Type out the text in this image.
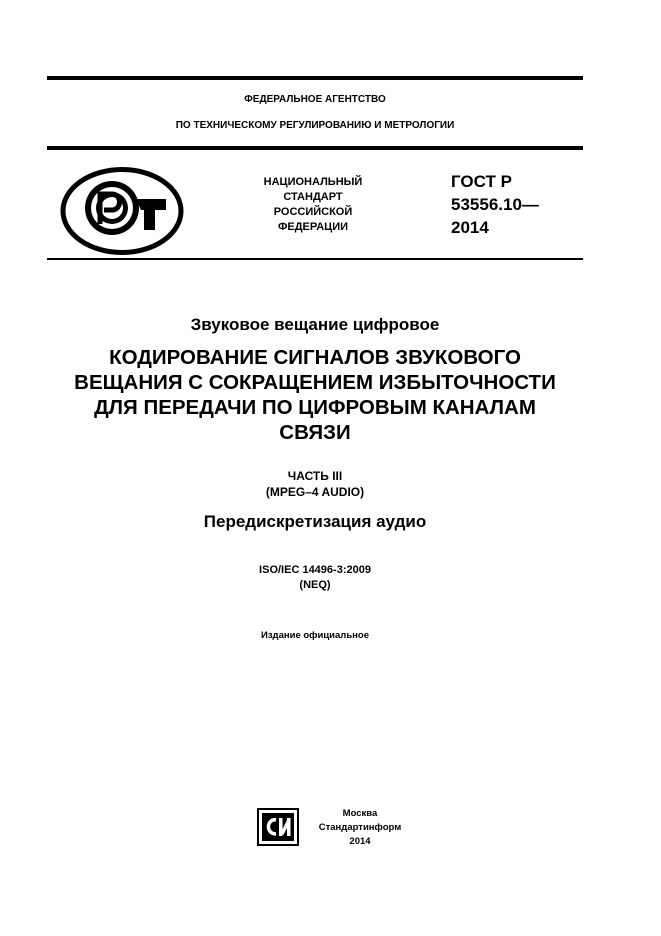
ФЕДЕРАЛЬНОЕ АГЕНТСТВО
ПО ТЕХНИЧЕСКОМУ РЕГУЛИРОВАНИЮ И МЕТРОЛОГИИ
НАЦИОНАЛЬНЫЙ
СТАНДАРТ
РОССИЙСКОЙ
ФЕДЕРАЦИИ
ГОСТ Р
53556.10—
2014
Звуковое вещание цифровое
КОДИРОВАНИЕ СИГНАЛОВ ЗВУКОВОГО
ВЕЩАНИЯ С СОКРАЩЕНИЕМ ИЗБЫТОЧНОСТИ
ДЛЯ ПЕРЕДАЧИ ПО ЦИФРОВЫМ КАНАЛАМ
СВЯЗИ
ЧАСТЬ III
(MPEG–4 AUDIO)
Передискретизация аудио
ISO/IEC 14496-3:2009
(NEQ)
Издание официальное
Москва
Стандартинформ
2014
